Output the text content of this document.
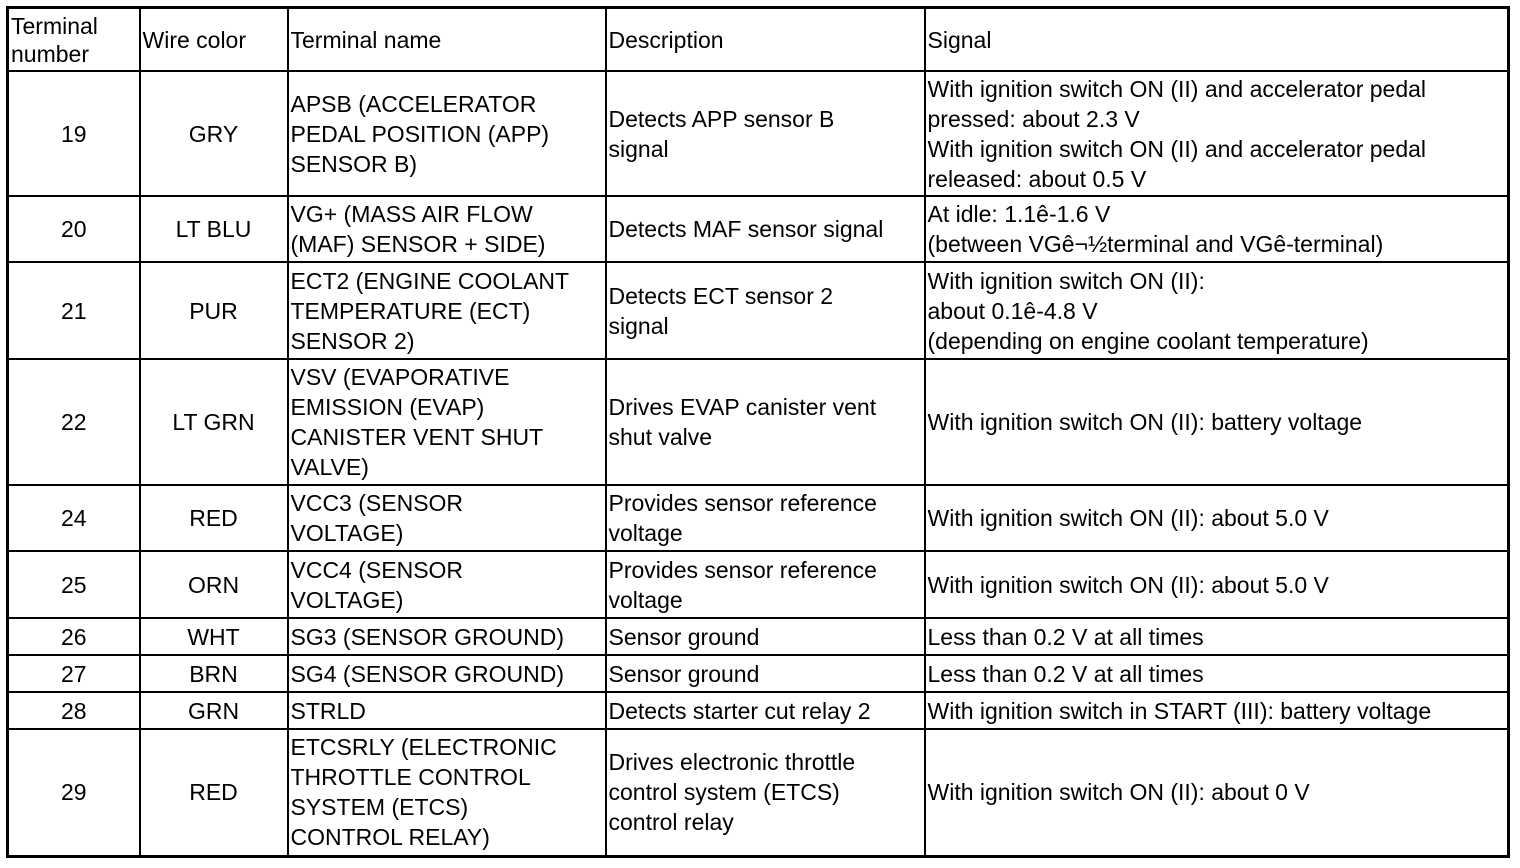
Terminal
number	Wire color	Terminal name	Description	Signal
19	GRY	APSB (ACCELERATOR
PEDAL POSITION (APP)
SENSOR B)	Detects APP sensor B
signal	With ignition switch ON (II) and accelerator pedal
pressed: about 2.3 V
With ignition switch ON (II) and accelerator pedal
released: about 0.5 V

20	LT BLU	VG+ (MASS AIR FLOW
(MAF) SENSOR + SIDE)	Detects MAF sensor signal	At idle: 1.1ê-1.6 V
(between VGê¬½terminal and VGê-terminal)

21	PUR	ECT2 (ENGINE COOLANT
TEMPERATURE (ECT)
SENSOR 2)	Detects ECT sensor 2
signal	With ignition switch ON (II):
about 0.1ê-4.8 V
(depending on engine coolant temperature)

22	LT GRN	VSV (EVAPORATIVE
EMISSION (EVAP)
CANISTER VENT SHUT
VALVE)	Drives EVAP canister vent
shut valve	With ignition switch ON (II): battery voltage

24	RED	VCC3 (SENSOR
VOLTAGE)	Provides sensor reference
voltage	With ignition switch ON (II): about 5.0 V

25	ORN	VCC4 (SENSOR
VOLTAGE)	Provides sensor reference
voltage	With ignition switch ON (II): about 5.0 V

26	WHT	SG3 (SENSOR GROUND)	Sensor ground	Less than 0.2 V at all times

27	BRN	SG4 (SENSOR GROUND)	Sensor ground	Less than 0.2 V at all times

28	GRN	STRLD	Detects starter cut relay 2	With ignition switch in START (III): battery voltage

29	RED	ETCSRLY (ELECTRONIC
THROTTLE CONTROL
SYSTEM (ETCS)
CONTROL RELAY)	Drives electronic throttle
control system (ETCS)
control relay	With ignition switch ON (II): about 0 V
